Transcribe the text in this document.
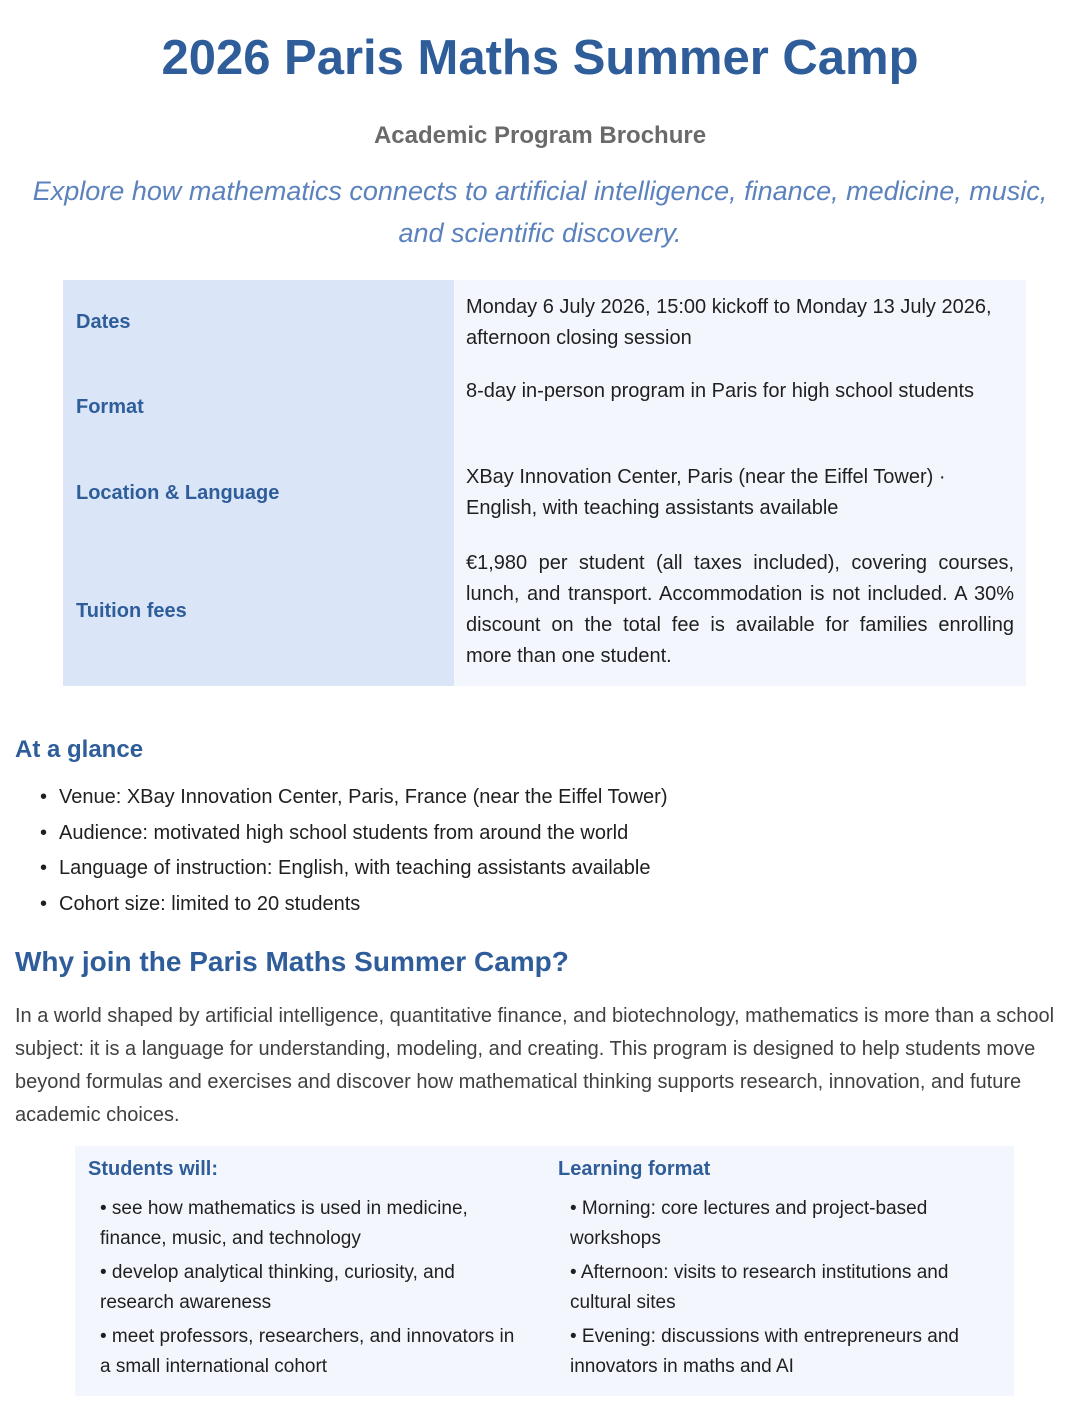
2026 Paris Maths Summer Camp
Academic Program Brochure

Explore how mathematics connects to artificial intelligence, finance, medicine, music, and scientific discovery.

Dates
Monday 6 July 2026, 15:00 kickoff to Monday 13 July 2026, afternoon closing session
Format
8-day in-person program in Paris for high school students
Location & Language
XBay Innovation Center, Paris (near the Eiffel Tower) · English, with teaching assistants available
Tuition fees
€1,980 per student (all taxes included), covering courses, lunch, and transport. Accommodation is not included. A 30% discount on the total fee is available for families enrolling more than one student.
At a glance
• Venue: XBay Innovation Center, Paris, France (near the Eiffel Tower)
• Audience: motivated high school students from around the world
• Language of instruction: English, with teaching assistants available
• Cohort size: limited to 20 students
Why join the Paris Maths Summer Camp?

In a world shaped by artificial intelligence, quantitative finance, and biotechnology, mathematics is more than a school subject: it is a language for understanding, modeling, and creating. This program is designed to help students move beyond formulas and exercises and discover how mathematical thinking supports research, innovation, and future academic choices.

Students will:
• see how mathematics is used in medicine, finance, music, and technology
• develop analytical thinking, curiosity, and research awareness
• meet professors, researchers, and innovators in a small international cohort
Learning format
• Morning: core lectures and project-based workshops
• Afternoon: visits to research institutions and cultural sites
• Evening: discussions with entrepreneurs and innovators in maths and AI
